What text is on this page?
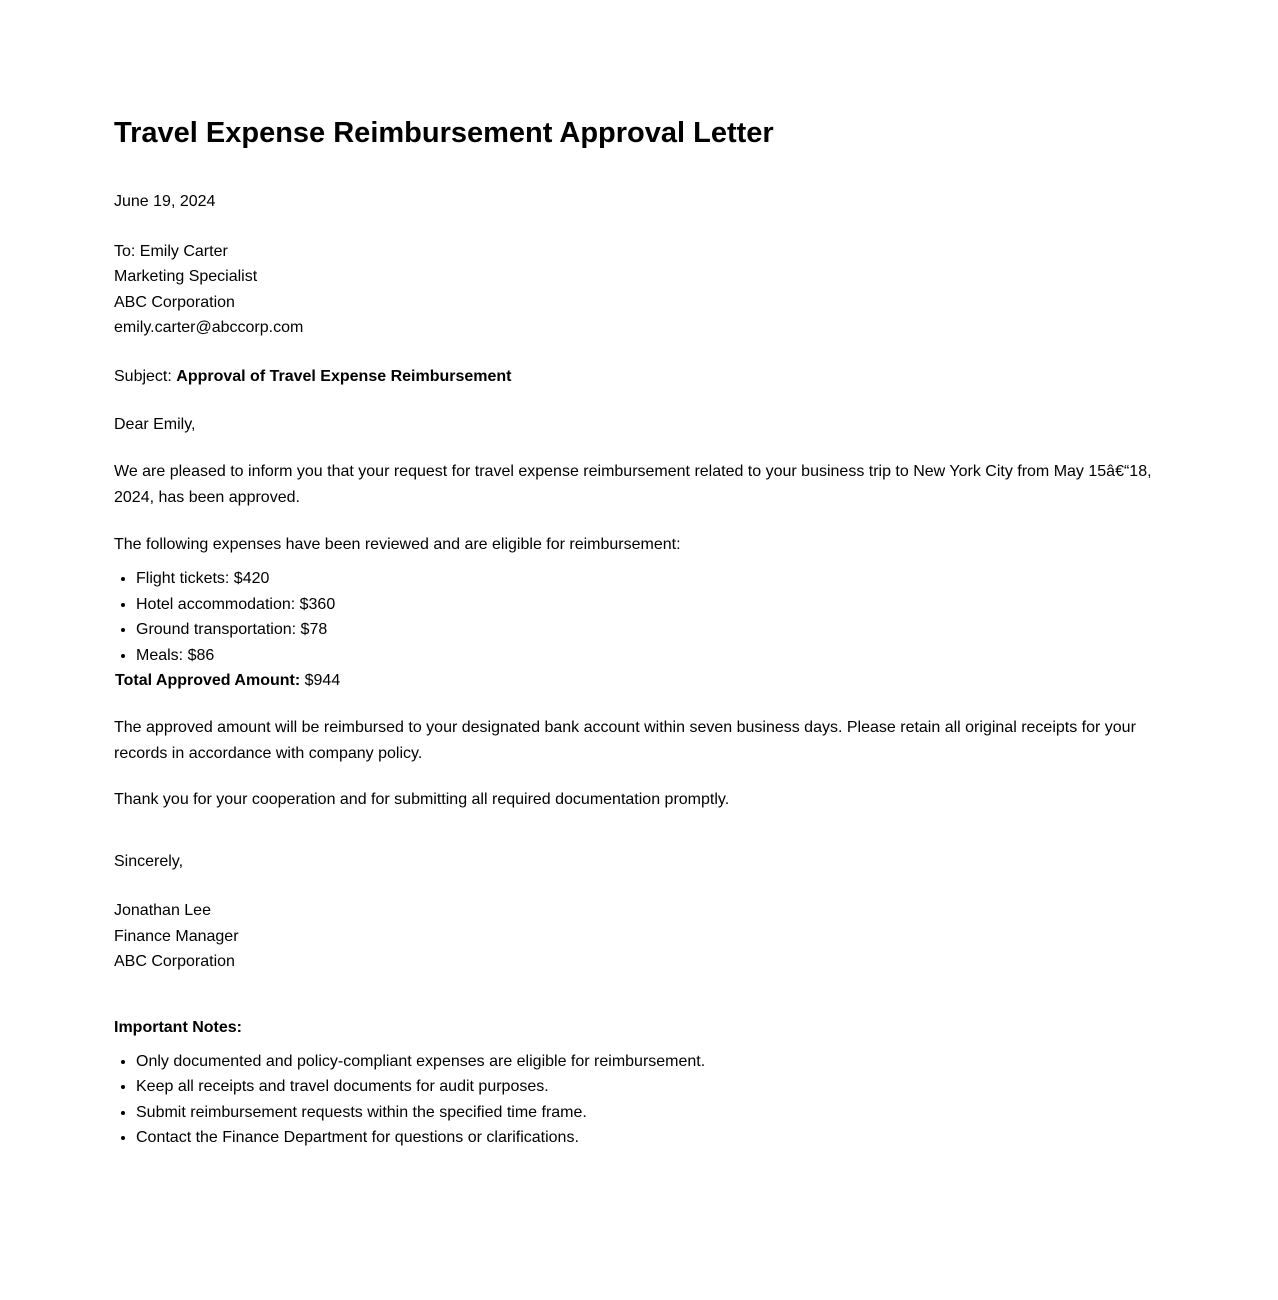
Travel Expense Reimbursement Approval Letter
June 19, 2024
To: Emily Carter
Marketing Specialist
ABC Corporation
emily.carter@abccorp.com
Subject: Approval of Travel Expense Reimbursement
Dear Emily,

We are pleased to inform you that your request for travel expense reimbursement related to your business trip to New York City from May 15â€“18, 2024, has been approved.

The following expenses have been reviewed and are eligible for reimbursement:

• Flight tickets: $420
• Hotel accommodation: $360
• Ground transportation: $78
• Meals: $86
Total Approved Amount: $944

The approved amount will be reimbursed to your designated bank account within seven business days. Please retain all original receipts for your records in accordance with company policy.

Thank you for your cooperation and for submitting all required documentation promptly.

Sincerely,
Jonathan Lee
Finance Manager
ABC Corporation
Important Notes:
• Only documented and policy-compliant expenses are eligible for reimbursement.
• Keep all receipts and travel documents for audit purposes.
• Submit reimbursement requests within the specified time frame.
• Contact the Finance Department for questions or clarifications.
